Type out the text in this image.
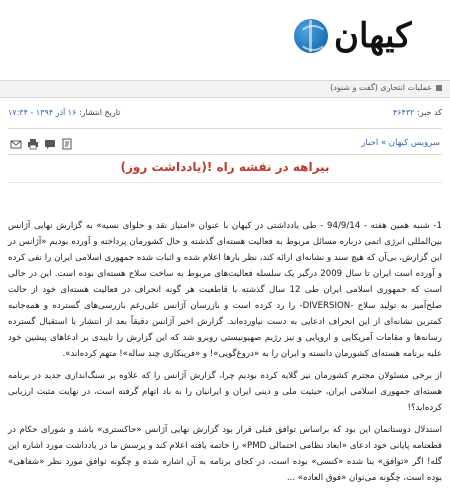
کیهان
عملیات انتحاری (گفت و شنود)
کد خبر: ۴۶۴۳۲
تاریخ انتشار: ۱۶ آذر ۱۳۹۴ - ۱۷:۳۴
سرویس کیهان » اخبار
بیراهه در نقشه راه !(یادداشت روز)

1- شنبه همین هفته - 94/9/14 - طی یادداشتی در کیهان با عنوان «امتیاز نقد و حلوای نسیه» به گزارش نهایی آژانس بین‌المللی انرژی اتمی درباره مسائل مربوط به فعالیت هسته‌ای گذشته و حال کشورمان پرداخته و آورده بودیم «آژانس در این گزارش، بی‌آن که هیچ سند و نشانه‌ای ارائه کند، نظر بارها اعلام شده و اثبات شده جمهوری اسلامی ایران را نفی کرده و آورده است ایران تا سال 2009 درگیر یک سلسله فعالیت‌های مربوط به ساخت سلاح هسته‌ای بوده است. این در حالی است که جمهوری اسلامی ایران طی 12 سال گذشته با قاطعیت هر گونه انحراف در فعالیت هسته‌ای خود از حالت صلح‌آمیز به تولید سلاح -DIVERSION- را رد کرده است و بازرسان آژانس علی‌رغم بازرسی‌های گسترده و همه‌جانبه کمترین نشانه‌ای از این انحراف ادعایی به دست نیاورده‌اند. گزارش اخیر آژانس دقیقاً بعد از انتشار با استقبال گسترده رسانه‌ها و مقامات آمریکایی و اروپایی و نیز رژیم صهیونیستی روبرو شد که این گزارش را تاییدی بر ادعاهای پیشین خود علیه برنامه هسته‌ای کشورمان دانسته و ایران را به «دروغ‌گویی»! و «فریبکاری چند ساله»! متهم کرده‌اند».

از برخی مسئولان محترم کشورمان نیز گلایه کرده بودیم چرا، گزارش آژانس را که علاوه بر سنگ‌اندازی جدید در برنامه هسته‌ای جمهوری اسلامی ایران، حیثیت ملی و دینی ایران و ایرانیان را به باد اتهام گرفته است، در نهایت مثبت ارزیابی کرده‌اید؟!

استدلال دوستانمان این بود که براساس توافق قبلی قرار بود گزارش نهایی آژانس «حاکستری» باشد و شورای حکام در قطعنامه پایانی خود ادعای «ابعاد نظامی احتمالی PMD» را خاتمه یافته اعلام کند و پرسش ما در یادداشت مورد اشاره این گله! اگر «توافق» بنا شده «کنسی» بوده است، در کجای برنامه به آن اشاره شده و چگونه توافق مورد نظر «شفاهی» بوده است، چگونه می‌توان «فوق العاده» ...
